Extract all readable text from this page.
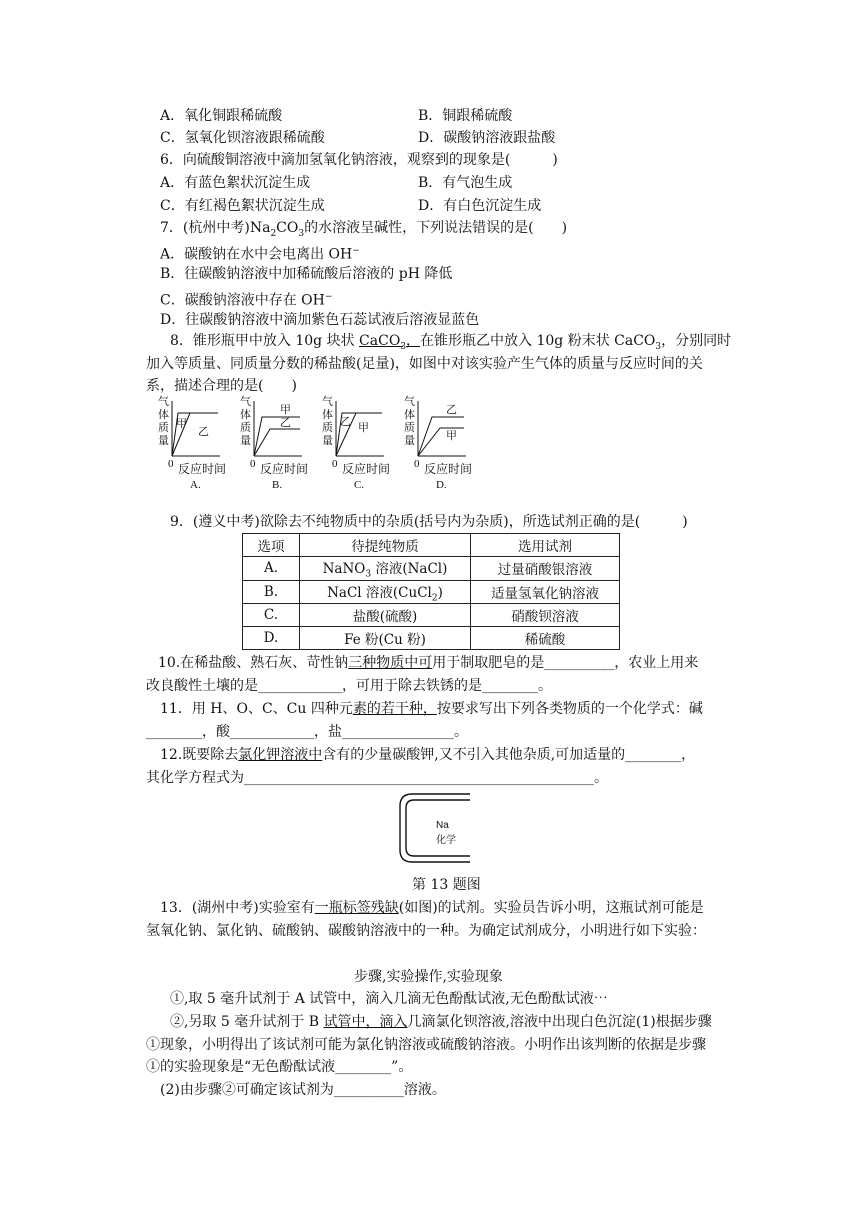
A．氧化铜跟稀硫酸	B．铜跟稀硫酸
C．氢氧化钡溶液跟稀硫酸	D．碳酸钠溶液跟盐酸
6．向硫酸铜溶液中滴加氢氧化钠溶液，观察到的现象是(　　　)
A．有蓝色絮状沉淀生成	B．有气泡生成
C．有红褐色絮状沉淀生成	D．有白色沉淀生成
7．(杭州中考)$Na_2CO_3$的水溶液呈碱性，下列说法错误的是(　　)
A．碳酸钠在水中会电离出 OH−
B．往碳酸钠溶液中加稀硫酸后溶液的 pH 降低
C．碳酸钠溶液中存在 OH−
D．往碳酸钠溶液中滴加紫色石蕊试液后溶液显蓝色
8．锥形瓶甲中放入 10g 块状 CaCO$_3$，在锥形瓶乙中放入 10g 粉末状 CaCO$_3$，分别同时
加入等质量、同质量分数的稀盐酸(足量)，如图中对该实验产生气体的质量与反应时间的关
系，描述合理的是(　　)
气
体
质
量
甲
乙
0 反应时间
A.
气
体
质
量
甲
乙
0 反应时间
B.
气
体
质
量
乙 甲
0 反应时间
C.
气
体
质
量
乙
甲
0 反应时间
D.
9．(遵义中考)欲除去不纯物质中的杂质(括号内为杂质)，所选试剂正确的是(　　　)
选项	待提纯物质	选用试剂
A.	NaNO$_3$ 溶液(NaCl)	过量硝酸银溶液
B.	NaCl 溶液(CuCl$_2$)	适量氢氧化钠溶液
C.	盐酸(硫酸)	硝酸钡溶液
D.	Fe 粉(Cu 粉)	稀硫酸
10.在稀盐酸、熟石灰、苛性钠三种物质中可用于制取肥皂的是__________，农业上用来
改良酸性土壤的是____________，可用于除去铁锈的是________。
11．用 H、O、C、Cu 四种元素的若干种，按要求写出下列各类物质的一个化学式：碱
________，酸____________，盐________________。
12.既要除去氯化钾溶液中含有的少量碳酸钾,又不引入其他杂质,可加适量的________，
其化学方程式为__________________________________________________。
Na
化学
第 13 题图
13．(湖州中考)实验室有一瓶标签残缺(如图)的试剂。实验员告诉小明，这瓶试剂可能是
氢氧化钠、氯化钠、硫酸钠、碳酸钠溶液中的一种。为确定试剂成分，小明进行如下实验：
步骤,实验操作,实验现象
①,取 5 毫升试剂于 A 试管中，滴入几滴无色酚酞试液,无色酚酞试液⋯
②,另取 5 毫升试剂于 B 试管中，滴入几滴氯化钡溶液,溶液中出现白色沉淀(1)根据步骤
①现象，小明得出了该试剂可能为氯化钠溶液或硫酸钠溶液。小明作出该判断的依据是步骤
①的实验现象是“无色酚酞试液________”。
(2)由步骤②可确定该试剂为__________溶液。
